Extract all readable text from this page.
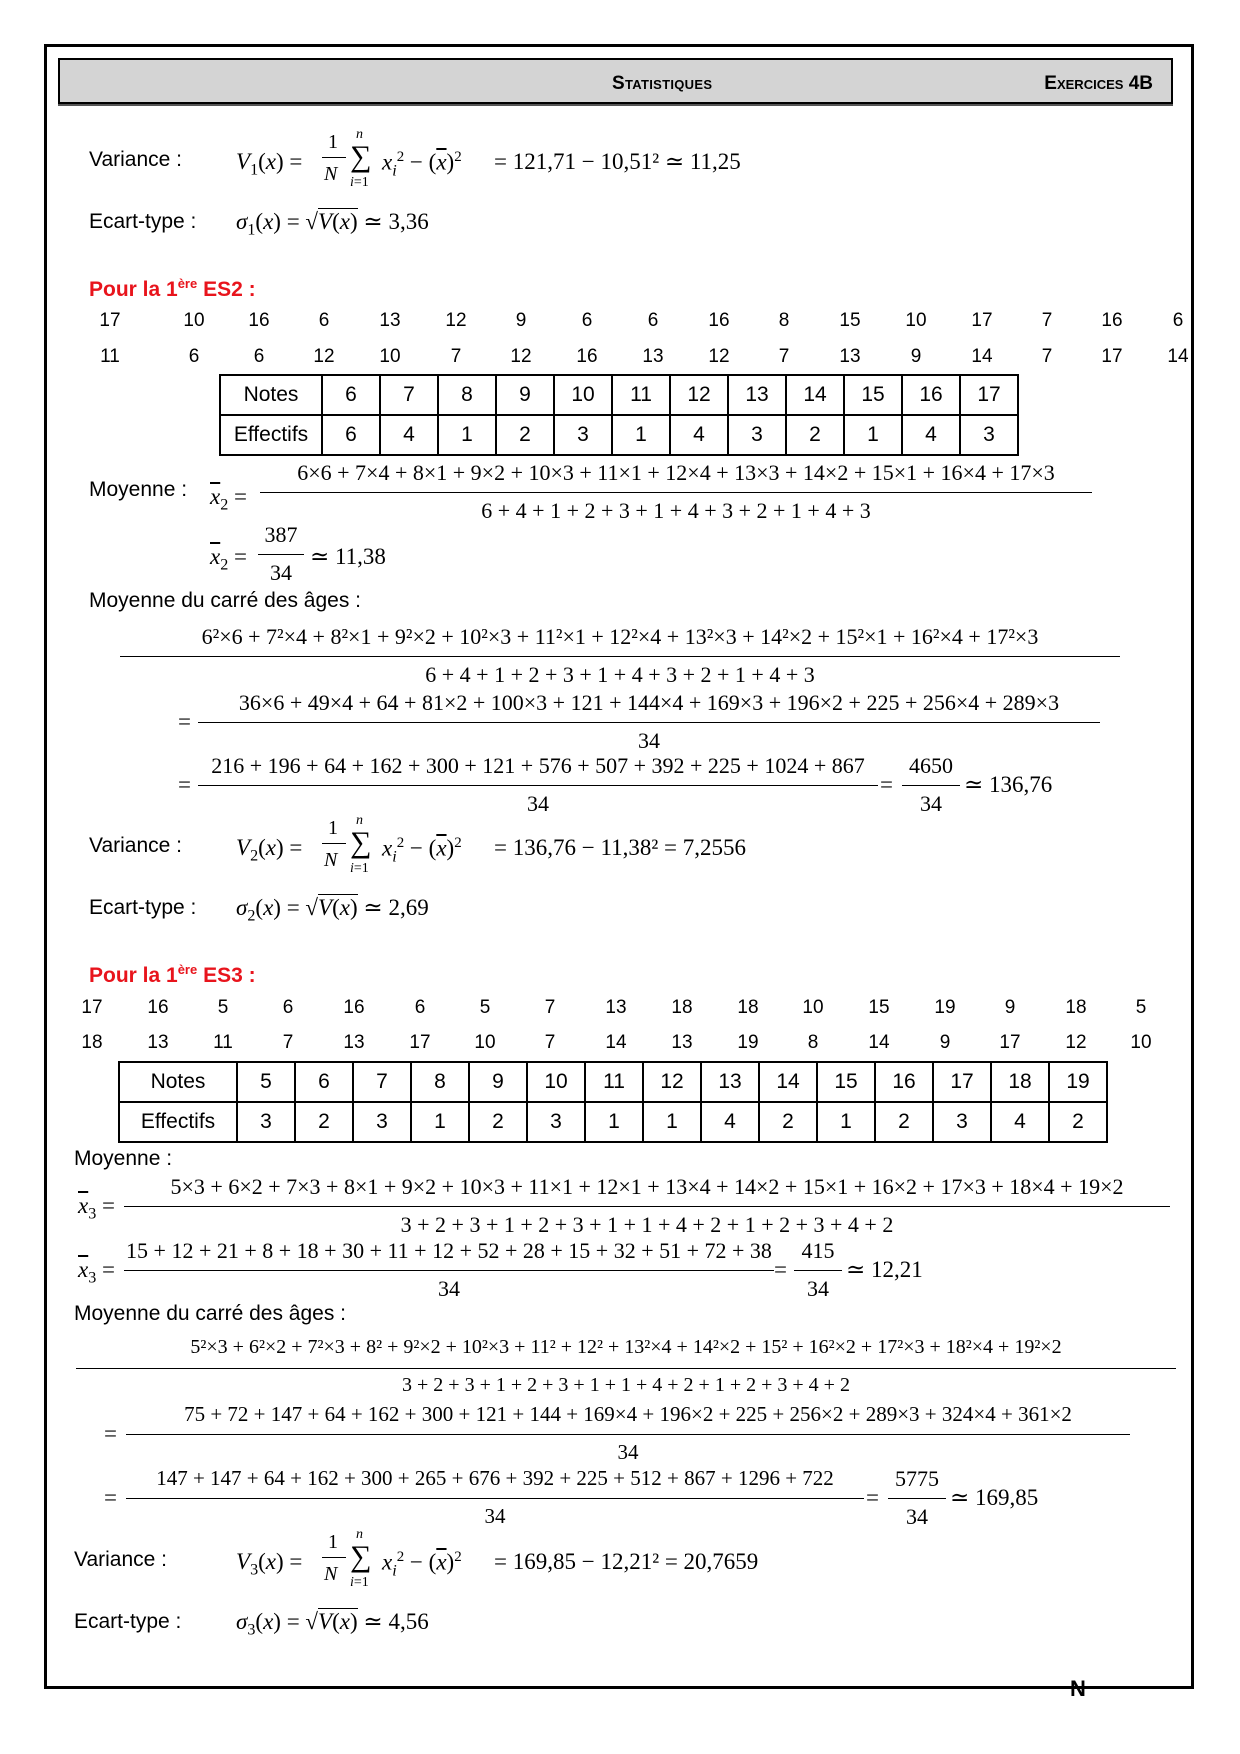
Statistiques	Exercices 4B
Variance : $V_1(x)$ =
1
N
n
∑
i=1
$x_i^2 - (\overline{x})^2 = 121,71 - 10,51^2$ ≃ 11,25
Ecart-type : $\sigma_1(x) = √V(x)$ ≃ 3,36
Pour la 1ère ES2 :
17	10 16	6	13 12	9	6	6	16	8	15 10 17	7	16	6
11	6	6	12 10	7	12 16 13 12	7	13	9	14	7	17 14
Notes	6	7	8	9	10	11	12	13	14	15	16	17
Effectifs	6	4	1	2	3	1	4	3	2	1	4	3
Moyenne : $\overline{x}_2$ =
6×6 + 7×4 + 8×1 + 9×2 + 10×3 + 11×1 + 12×4 + 13×3 + 14×2 + 15×1 + 16×4 + 17×3
6 + 4 + 1 + 2 + 3 + 1 + 4 + 3 + 2 + 1 + 4 + 3
$\overline{x}_2$ =
387
34
≃ 11,38
Moyenne du carré des âges :
6²×6 + 7²×4 + 8²×1 + 9²×2 + 10²×3 + 11²×1 + 12²×4 + 13²×3 + 14²×2 + 15²×1 + 16²×4 + 17²×3
6 + 4 + 1 + 2 + 3 + 1 + 4 + 3 + 2 + 1 + 4 + 3
=
36×6 + 49×4 + 64 + 81×2 + 100×3 + 121 + 144×4 + 169×3 + 196×2 + 225 + 256×4 + 289×3
34
=
216 + 196 + 64 + 162 + 300 + 121 + 576 + 507 + 392 + 225 + 1024 + 867
34
=
4650
34
≃ 136,76
Variance : $V_2(x)$ =
1
N
n
∑
i=1
$x_i^2 - (\overline{x})^2 = 136,76 - 11,38^2 = 7,2556$
Ecart-type : $\sigma_2(x) = √V(x)$ ≃ 2,69
Pour la 1ère ES3 :
17 16	5	6	16	6	5	7	13 18 18 10 15 19	9	18	5
18 13 11	7	13 17 10	7	14 13 19	8	14	9	17 12 10
Notes	5	6	7	8	9	10	11	12	13	14	15	16	17	18	19
Effectifs	3	2	3	1	2	3	1	1	4	2	1	2	3	4	2
Moyenne :
$\overline{x}_3$ =
5×3 + 6×2 + 7×3 + 8×1 + 9×2 + 10×3 + 11×1 + 12×1 + 13×4 + 14×2 + 15×1 + 16×2 + 17×3 + 18×4 + 19×2
3 + 2 + 3 + 1 + 2 + 3 + 1 + 1 + 4 + 2 + 1 + 2 + 3 + 4 + 2
$\overline{x}_3$ =
15 + 12 + 21 + 8 + 18 + 30 + 11 + 12 + 52 + 28 + 15 + 32 + 51 + 72 + 38
34
=
415
34
≃ 12,21
Moyenne du carré des âges :
5²×3 + 6²×2 + 7²×3 + 8² + 9²×2 + 10²×3 + 11² + 12² + 13²×4 + 14²×2 + 15² + 16²×2 + 17²×3 + 18²×4 + 19²×2
3 + 2 + 3 + 1 + 2 + 3 + 1 + 1 + 4 + 2 + 1 + 2 + 3 + 4 + 2
=
75 + 72 + 147 + 64 + 162 + 300 + 121 + 144 + 169×4 + 196×2 + 225 + 256×2 + 289×3 + 324×4 + 361×2
34
=
147 + 147 + 64 + 162 + 300 + 265 + 676 + 392 + 225 + 512 + 867 + 1296 + 722
34
=
5775
34
≃ 169,85
Variance :	$V_3(x)$ =
1
N
n
∑
i=1
$x_i^2 - (\overline{x})^2 = 169,85 - 12,21^2 = 20,7659$
Ecart-type : $\sigma_3(x) = √V(x)$ ≃ 4,56
N
